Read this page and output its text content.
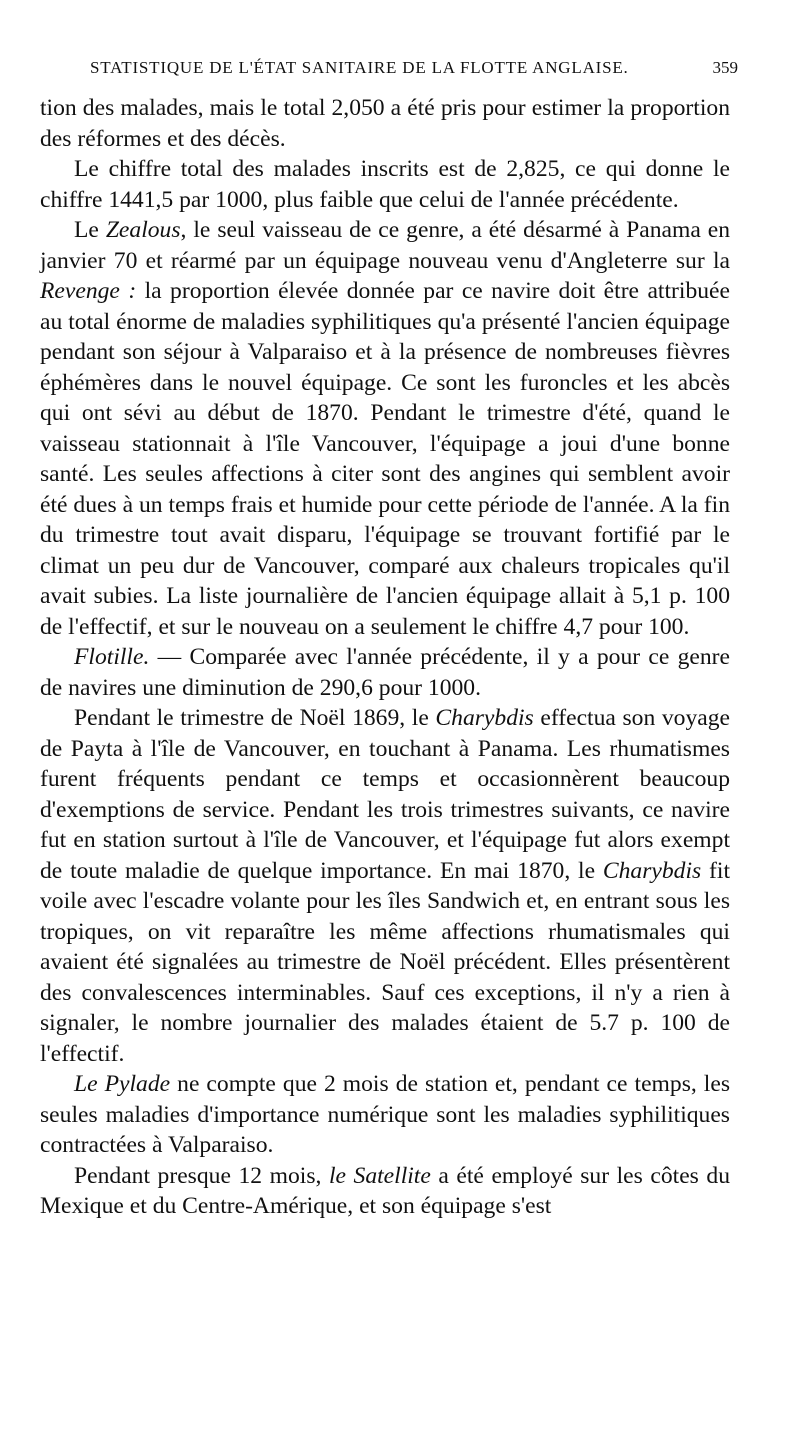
STATISTIQUE DE L'ÉTAT SANITAIRE DE LA FLOTTE ANGLAISE.	359

tion des malades, mais le total 2,050 a été pris pour estimer la proportion des réformes et des décès.

Le chiffre total des malades inscrits est de 2,825, ce qui donne le chiffre 1441,5 par 1000, plus faible que celui de l'année précédente.

Le Zealous, le seul vaisseau de ce genre, a été désarmé à Panama en janvier 70 et réarmé par un équipage nouveau venu d'Angleterre sur la Revenge : la proportion élevée donnée par ce navire doit être attribuée au total énorme de maladies syphilitiques qu'a présenté l'ancien équipage pendant son séjour à Valparaiso et à la présence de nombreuses fièvres éphémères dans le nouvel équipage. Ce sont les furoncles et les abcès qui ont sévi au début de 1870. Pendant le trimestre d'été, quand le vaisseau stationnait à l'île Vancouver, l'équipage a joui d'une bonne santé. Les seules affections à citer sont des angines qui semblent avoir été dues à un temps frais et humide pour cette période de l'année. A la fin du trimestre tout avait disparu, l'équipage se trouvant fortifié par le climat un peu dur de Vancouver, comparé aux chaleurs tropicales qu'il avait subies. La liste journalière de l'ancien équipage allait à 5,1 p. 100 de l'effectif, et sur le nouveau on a seulement le chiffre 4,7 pour 100.

Flotille. — Comparée avec l'année précédente, il y a pour ce genre de navires une diminution de 290,6 pour 1000.

Pendant le trimestre de Noël 1869, le Charybdis effectua son voyage de Payta à l'île de Vancouver, en touchant à Panama. Les rhumatismes furent fréquents pendant ce temps et occasionnèrent beaucoup d'exemptions de service. Pendant les trois trimestres suivants, ce navire fut en station surtout à l'île de Vancouver, et l'équipage fut alors exempt de toute maladie de quelque importance. En mai 1870, le Charybdis fit voile avec l'escadre volante pour les îles Sandwich et, en entrant sous les tropiques, on vit reparaître les même affections rhumatismales qui avaient été signalées au trimestre de Noël précédent. Elles présentèrent des convalescences interminables. Sauf ces exceptions, il n'y a rien à signaler, le nombre journalier des malades étaient de 5.7 p. 100 de l'effectif.

Le Pylade ne compte que 2 mois de station et, pendant ce temps, les seules maladies d'importance numérique sont les maladies syphilitiques contractées à Valparaiso.

Pendant presque 12 mois, le Satellite a été employé sur les côtes du Mexique et du Centre-Amérique, et son équipage s'est
